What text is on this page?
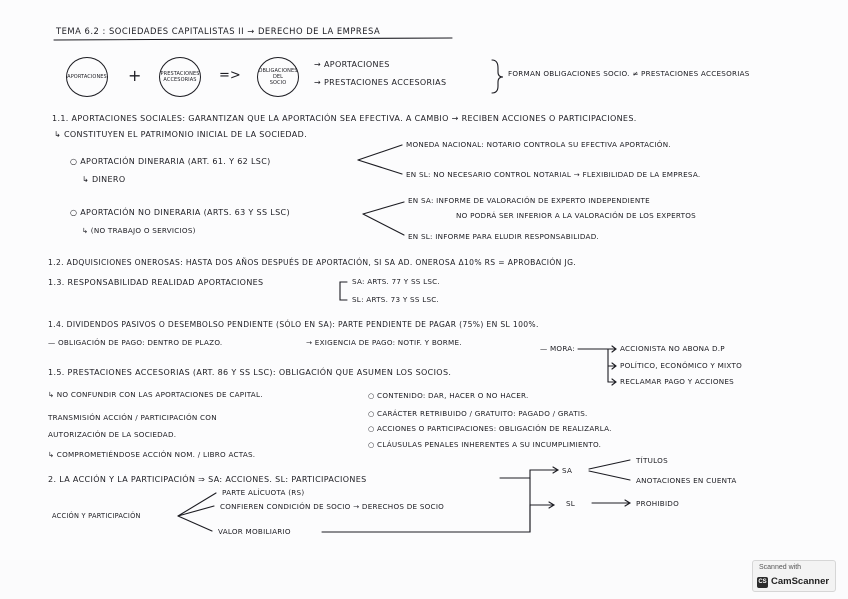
TEMA 6.2 : SOCIEDADES CAPITALISTAS II → DERECHO DE LA EMPRESA
APORTACIONES +	PRESTACIONES
ACCESORIAS =>	OBLIGACIONES
DEL
SOCIO
→ APORTACIONES
→ PRESTACIONES ACCESORIAS
FORMAN OBLIGACIONES SOCIO. ≠ PRESTACIONES ACCESORIAS
1.1. APORTACIONES SOCIALES: GARANTIZAN QUE LA APORTACIÓN SEA EFECTIVA. A CAMBIO → RECIBEN ACCIONES O PARTICIPACIONES.
↳ CONSTITUYEN EL PATRIMONIO INICIAL DE LA SOCIEDAD.
○ APORTACIÓN DINERARIA (ART. 61. Y 62 LSC)
↳ DINERO
MONEDA NACIONAL: NOTARIO CONTROLA SU EFECTIVA APORTACIÓN.
EN SL: NO NECESARIO CONTROL NOTARIAL → FLEXIBILIDAD DE LA EMPRESA.
○ APORTACIÓN NO DINERARIA (ARTS. 63 Y SS LSC)
↳ (NO TRABAJO O SERVICIOS)
EN SA: INFORME DE VALORACIÓN DE EXPERTO INDEPENDIENTE
NO PODRÁ SER INFERIOR A LA VALORACIÓN DE LOS EXPERTOS
EN SL: INFORME PARA ELUDIR RESPONSABILIDAD.
1.2. ADQUISICIONES ONEROSAS: HASTA DOS AÑOS DESPUÉS DE APORTACIÓN, SI SA AD. ONEROSA Δ10% RS = APROBACIÓN JG.
1.3. RESPONSABILIDAD REALIDAD APORTACIONES	SA: ARTS. 77 Y SS LSC.
SL: ARTS. 73 Y SS LSC.
1.4. DIVIDENDOS PASIVOS O DESEMBOLSO PENDIENTE (SÓLO EN SA): PARTE PENDIENTE DE PAGAR (75%) EN SL 100%.
— OBLIGACIÓN DE PAGO: DENTRO DE PLAZO.	→ EXIGENCIA DE PAGO: NOTIF. Y BORME.
— MORA:	ACCIONISTA NO ABONA D.P
POLÍTICO, ECONÓMICO Y MIXTO
RECLAMAR PAGO Y ACCIONES
1.5. PRESTACIONES ACCESORIAS (ART. 86 Y SS LSC): OBLIGACIÓN QUE ASUMEN LOS SOCIOS.
↳ NO CONFUNDIR CON LAS APORTACIONES DE CAPITAL.
TRANSMISIÓN ACCIÓN / PARTICIPACIÓN CON
AUTORIZACIÓN DE LA SOCIEDAD.
↳ COMPROMETIÉNDOSE ACCIÓN NOM. / LIBRO ACTAS.
○ CONTENIDO: DAR, HACER O NO HACER.
○ CARÁCTER RETRIBUIDO / GRATUITO: PAGADO / GRATIS.
○ ACCIONES O PARTICIPACIONES: OBLIGACIÓN DE REALIZARLA.
○ CLÁUSULAS PENALES INHERENTES A SU INCUMPLIMIENTO.
2. LA ACCIÓN Y LA PARTICIPACIÓN ⇒ SA: ACCIONES. SL: PARTICIPACIONES
SA
TÍTULOS
ANOTACIONES EN CUENTA
ACCIÓN Y PARTICIPACIÓN
PARTE ALÍCUOTA (RS)
CONFIEREN CONDICIÓN DE SOCIO → DERECHOS DE SOCIO
VALOR MOBILIARIO
SL	PROHIBIDO
Scanned with
CS CamScanner
